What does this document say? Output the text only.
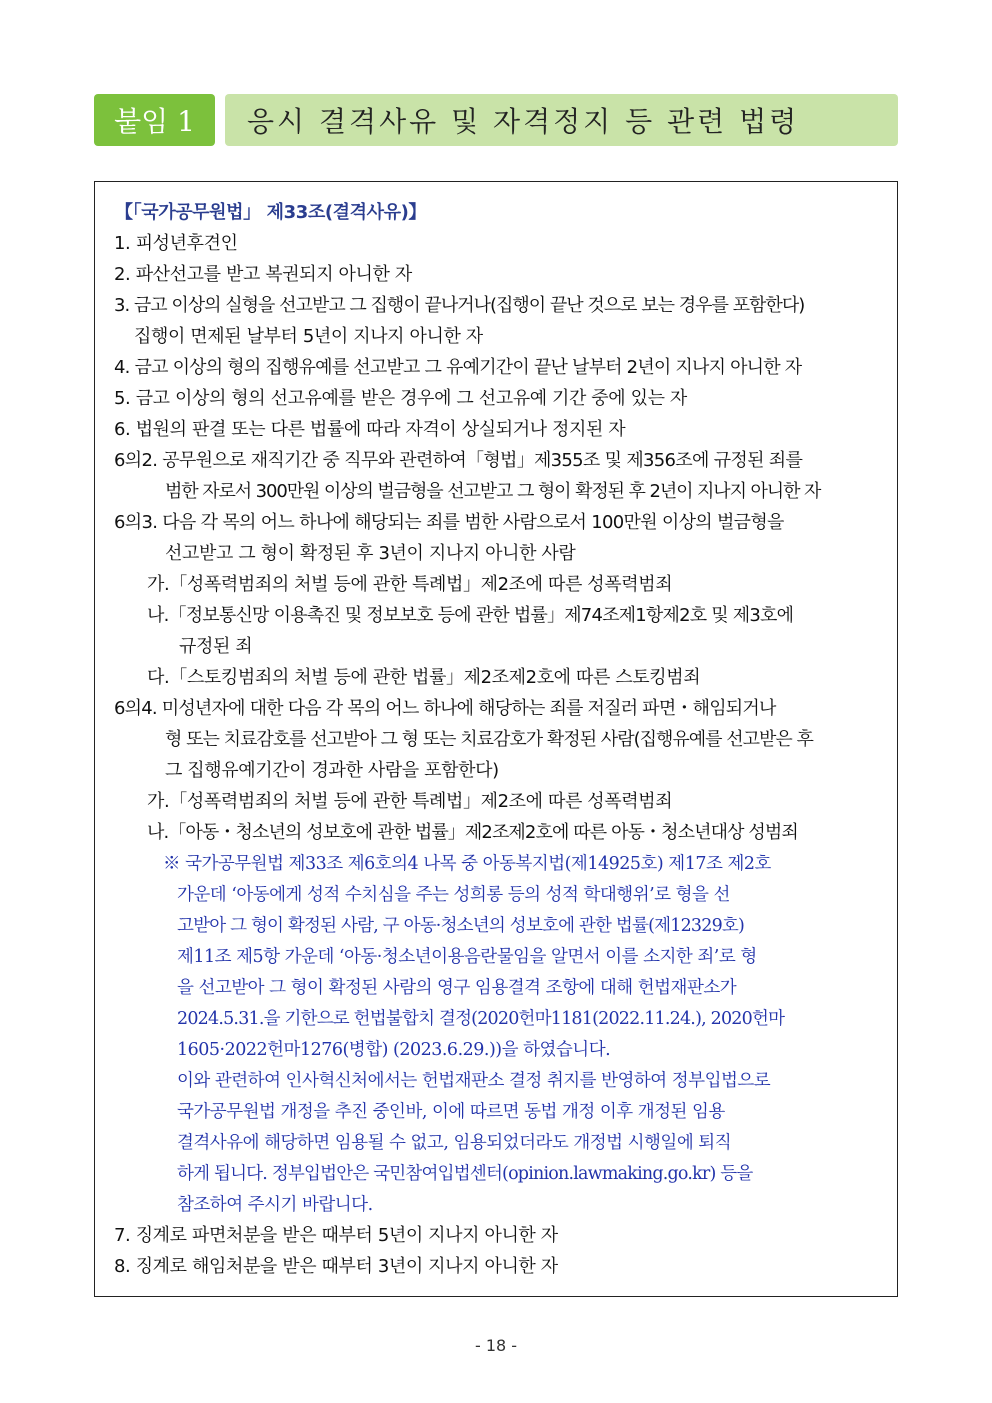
붙임 1	응시 결격사유 및 자격정지 등 관련 법령
【「국가공무원법」 제33조(결격사유)】
1. 피성년후견인
2. 파산선고를 받고 복권되지 아니한 자
3. 금고 이상의 실형을 선고받고 그 집행이 끝나거나(집행이 끝난 것으로 보는 경우를 포함한다)
집행이 면제된 날부터 5년이 지나지 아니한 자
4. 금고 이상의 형의 집행유예를 선고받고 그 유예기간이 끝난 날부터 2년이 지나지 아니한 자
5. 금고 이상의 형의 선고유예를 받은 경우에 그 선고유예 기간 중에 있는 자
6. 법원의 판결 또는 다른 법률에 따라 자격이 상실되거나 정지된 자
6의2. 공무원으로 재직기간 중 직무와 관련하여「형법」제355조 및 제356조에 규정된 죄를
범한 자로서 300만원 이상의 벌금형을 선고받고 그 형이 확정된 후 2년이 지나지 아니한 자
6의3. 다음 각 목의 어느 하나에 해당되는 죄를 범한 사람으로서 100만원 이상의 벌금형을
선고받고 그 형이 확정된 후 3년이 지나지 아니한 사람
가.「성폭력범죄의 처벌 등에 관한 특례법」제2조에 따른 성폭력범죄
나.「정보통신망 이용촉진 및 정보보호 등에 관한 법률」제74조제1항제2호 및 제3호에
규정된 죄
다.「스토킹범죄의 처벌 등에 관한 법률」제2조제2호에 따른 스토킹범죄
6의4. 미성년자에 대한 다음 각 목의 어느 하나에 해당하는 죄를 저질러 파면・해임되거나
형 또는 치료감호를 선고받아 그 형 또는 치료감호가 확정된 사람(집행유예를 선고받은 후
그 집행유예기간이 경과한 사람을 포함한다)
가.「성폭력범죄의 처벌 등에 관한 특례법」제2조에 따른 성폭력범죄
나.「아동・청소년의 성보호에 관한 법률」제2조제2호에 따른 아동・청소년대상 성범죄
※ 국가공무원법 제33조 제6호의4 나목 중 아동복지법(제14925호) 제17조 제2호
가운데 ‘아동에게 성적 수치심을 주는 성희롱 등의 성적 학대행위’로 형을 선
고받아 그 형이 확정된 사람, 구 아동·청소년의 성보호에 관한 법률(제12329호)
제11조 제5항 가운데 ‘아동·청소년이용음란물임을 알면서 이를 소지한 죄’로 형
을 선고받아 그 형이 확정된 사람의 영구 임용결격 조항에 대해 헌법재판소가
2024.5.31.을 기한으로 헌법불합치 결정(2020헌마1181(2022.11.24.), 2020헌마
1605·2022헌마1276(병합) (2023.6.29.))을 하였습니다.
이와 관련하여 인사혁신처에서는 헌법재판소 결정 취지를 반영하여 정부입법으로
국가공무원법 개정을 추진 중인바, 이에 따르면 동법 개정 이후 개정된 임용
결격사유에 해당하면 임용될 수 없고, 임용되었더라도 개정법 시행일에 퇴직
하게 됩니다. 정부입법안은 국민참여입법센터(opinion.lawmaking.go.kr) 등을
참조하여 주시기 바랍니다.
7. 징계로 파면처분을 받은 때부터 5년이 지나지 아니한 자
8. 징계로 해임처분을 받은 때부터 3년이 지나지 아니한 자
- 18 -
